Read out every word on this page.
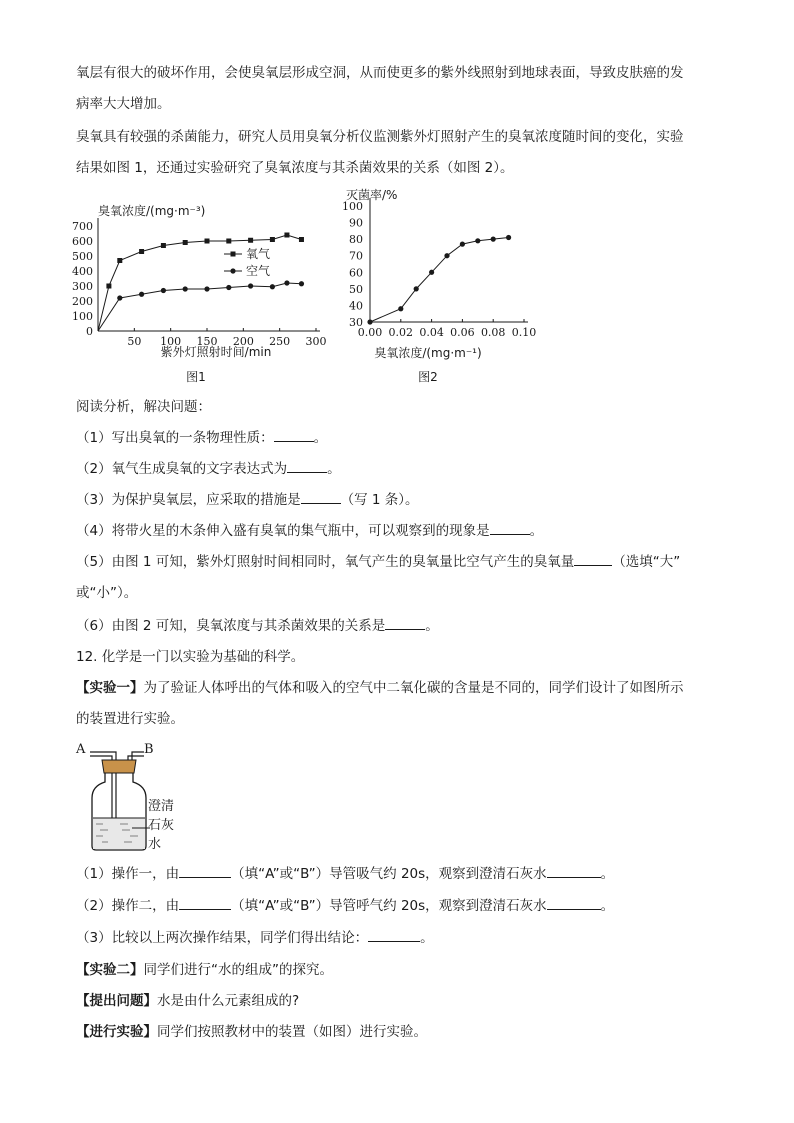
氧层有很大的破坏作用，会使臭氧层形成空洞，从而使更多的紫外线照射到地球表面，导致皮肤癌的发

病率大大增加。

臭氧具有较强的杀菌能力，研究人员用臭氧分析仪监测紫外灯照射产生的臭氧浓度随时间的变化，实验

结果如图 1，还通过实验研究了臭氧浓度与其杀菌效果的关系（如图 2）。

0
100
200
300
400
500
600
700
50 100 150 200 250 300
臭氧浓度/(mg·m⁻³)
紫外灯照射时间/min
图1
氧气
空气
30
40
50
60
70
80
90
100
0.00 0.02 0.04 0.06 0.08 0.10
灭菌率/%
臭氧浓度/(mg·m⁻¹)
图2

阅读分析，解决问题：

（1）写出臭氧的一条物理性质：	。

（2）氧气生成臭氧的文字表达式为	。

（3）为保护臭氧层，应采取的措施是	（写 1 条）。

（4）将带火星的木条伸入盛有臭氧的集气瓶中，可以观察到的现象是	。

（5）由图 1 可知，紫外灯照射时间相同时，氧气产生的臭氧量比空气产生的臭氧量	（选填“大”

或“小”）。

（6）由图 2 可知，臭氧浓度与其杀菌效果的关系是	。

12. 化学是一门以实验为基础的科学。

【实验一】为了验证人体呼出的气体和吸入的空气中二氧化碳的含量是不同的，同学们设计了如图所示

的装置进行实验。

A	B
澄清
石灰
水

（1）操作一，由	（填“A”或“B”）导管吸气约 20s，观察到澄清石灰水	。

（2）操作二，由	（填“A”或“B”）导管呼气约 20s，观察到澄清石灰水	。

（3）比较以上两次操作结果，同学们得出结论：	。

【实验二】同学们进行“水的组成”的探究。

【提出问题】水是由什么元素组成的?

【进行实验】同学们按照教材中的装置（如图）进行实验。
